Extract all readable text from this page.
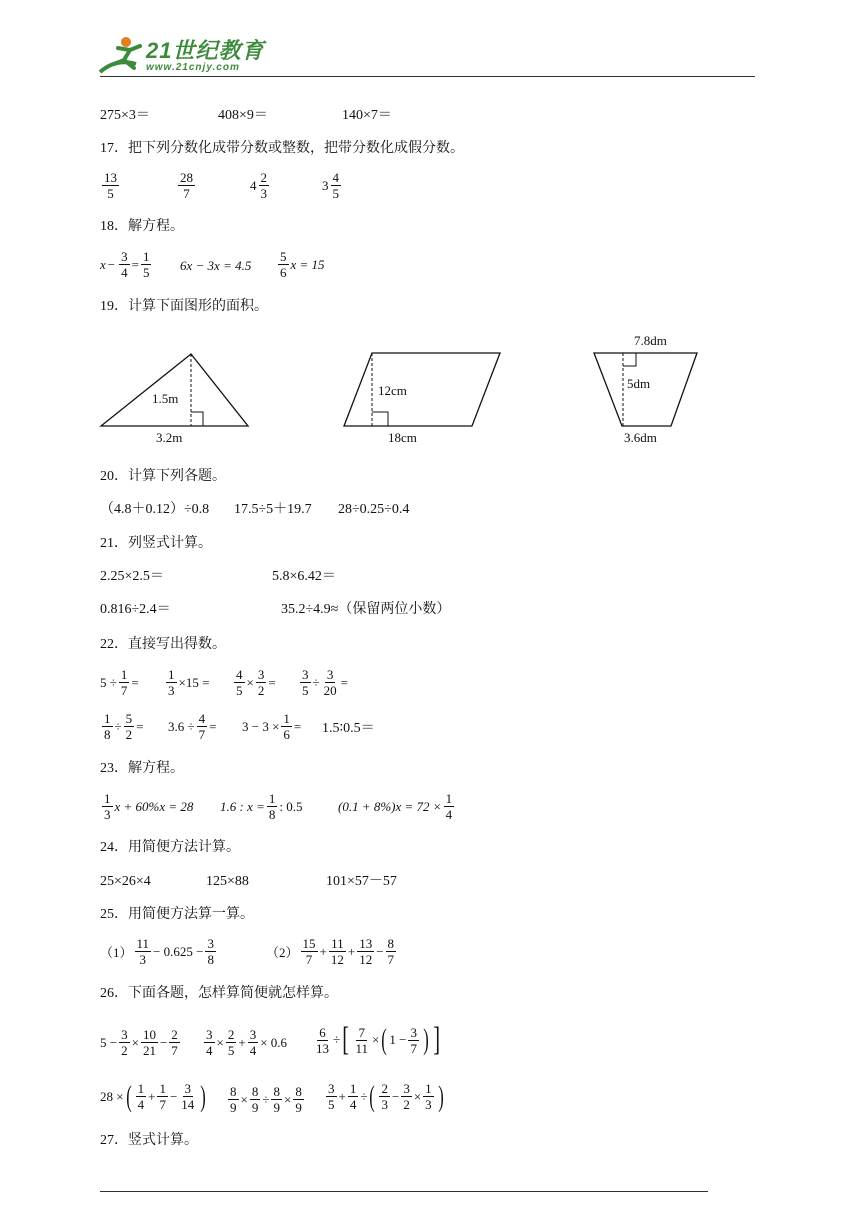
21世纪教育
www.21cnjy.com
275×3＝	408×9＝	140×7＝
17．把下列分数化成带分数或整数，把带分数化成假分数。
$\frac{13}{5}$	$\frac{28}{7}$	$4 \frac{2}{3}$	$3 \frac{4}{5}$
18．解方程。
$x - \frac{3}{4} = \frac{1}{5} 6x - 3x = 4.5 \frac{5}{6}$ x = 15
19．计算下面图形的面积。
1.5m
3.2m
12cm
18cm
7.8dm
5dm
3.6dm
20．计算下列各题。
（4.8＋0.12）÷0.8 17.5÷5＋19.7 28÷0.25÷0.4
21．列竖式计算。
2.25×2.5＝	5.8×6.42＝
0.816÷2.4＝	35.2÷4.9≈（保留两位小数）
22．直接写出得数。
$5 \div \frac{1}{7} = \frac{1}{3} \times 15 = \frac{4}{5} \times \frac{3}{2} = \frac{3}{5} \div \frac{3}{20}$ =
$\frac{1}{8} \div \frac{5}{2} = 3.6 \div \frac{4}{7} = 3 - 3 \times \frac{1}{6}$ = 1.5∶0.5＝
23．解方程。
$\frac{1}{3}$ x + 60%x = 28 1.6 : $x = \frac{1}{8}$ : 0.5	$(0.1 + 8\%)x = 72 \times \frac{1}{4}$
24．用简便方法计算。
25×26×4	125×88	101×57－57
25．用简便方法算一算。
$(1) \frac{11}{3} - 0.625 - \frac{3}{8}$	$(2) \frac{15}{7} + \frac{11}{12} + \frac{13}{12} - \frac{8}{7}$
26．下面各题，怎样算简便就怎样算。
$5 - \frac{3}{2} \times \frac{10}{21} - \frac{2}{7} \frac{3}{4} \times \frac{2}{5} + \frac{3}{4} \times 0.6 \frac{6}{13}$ ÷ [ $\frac{7}{11}$ × ( $1 - \frac{3}{7}$ ) ]
28 × ( $\frac{1}{4} + \frac{1}{7} - \frac{3}{14}$ ) $\frac{8}{9} \times \frac{8}{9} \div \frac{8}{9} \times \frac{8}{9} \frac{3}{5} + \frac{1}{4}$ ÷ ( $\frac{2}{3} - \frac{3}{2} \times \frac{1}{3}$ )
27．竖式计算。
